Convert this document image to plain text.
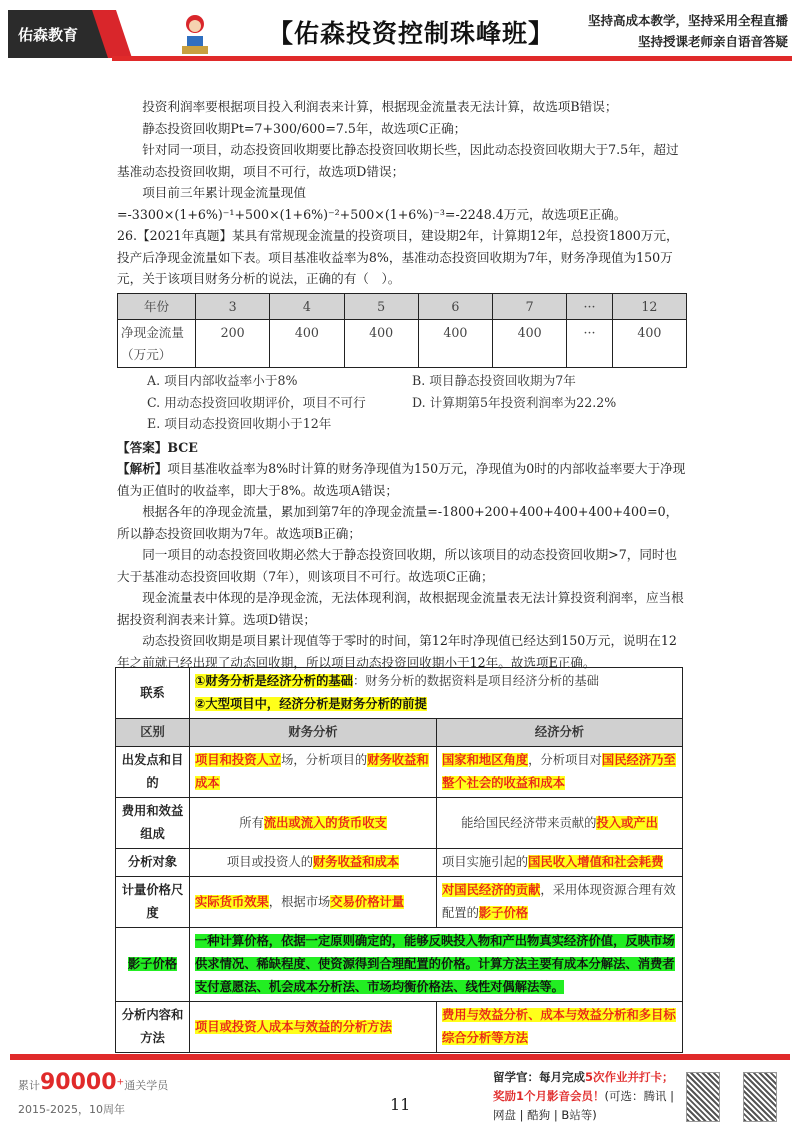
佑森教育	【佑森投资控制珠峰班】	坚持高成本教学，坚持采用全程直播
坚持授课老师亲自语音答疑

投资利润率要根据项目投入利润表来计算，根据现金流量表无法计算，故选项B错误；

静态投资回收期Pt=7+300/600=7.5年，故选项C正确；

针对同一项目，动态投资回收期要比静态投资回收期长些，因此动态投资回收期大于7.5年，超过基准动态投资回收期，项目不可行，故选项D错误；

项目前三年累计现金流量现值=-3300×(1+6%)⁻¹+500×(1+6%)⁻²+500×(1+6%)⁻³=-2248.4万元，故选项E正确。

26.【2021年真题】某具有常规现金流量的投资项目，建设期2年，计算期12年，总投资1800万元，投产后净现金流量如下表。项目基准收益率为8%，基准动态投资回收期为7年，财务净现值为150万元，关于该项目财务分析的说法，正确的有（　）。

年份	3	4	5	6	7	···	12
净现金流量（万元）	200	400	400	400	400	···	400
A. 项目内部收益率小于8%	B. 项目静态投资回收期为7年
C. 用动态投资回收期评价，项目不可行	D. 计算期第5年投资利润率为22.2%
E. 项目动态投资回收期小于12年

【答案】BCE

【解析】项目基准收益率为8%时计算的财务净现值为150万元，净现值为0时的内部收益率要大于净现值为正值时的收益率，即大于8%。故选项A错误；

根据各年的净现金流量，累加到第7年的净现金流量=-1800+200+400+400+400+400=0，所以静态投资回收期为7年。故选项B正确；

同一项目的动态投资回收期必然大于静态投资回收期，所以该项目的动态投资回收期>7，同时也大于基准动态投资回收期（7年），则该项目不可行。故选项C正确；

现金流量表中体现的是净现金流，无法体现利润，故根据现金流量表无法计算投资利润率，应当根据投资利润表来计算。选项D错误；

动态投资回收期是项目累计现值等于零时的时间，第12年时净现值已经达到150万元，说明在12年之前就已经出现了动态回收期，所以项目动态投资回收期小于12年。故选项E正确。

联系	①财务分析是经济分析的基础：财务分析的数据资料是项目经济分析的基础
②大型项目中，经济分析是财务分析的前提	
区别	财务分析	经济分析
出发点和目的	项目和投资人立场，分析项目的财务收益和成本	国家和地区角度，分析项目对国民经济乃至整个社会的收益和成本
费用和效益组成	所有流出或流入的货币收支	能给国民经济带来贡献的投入或产出
分析对象	项目或投资人的财务收益和成本	项目实施引起的国民收入增值和社会耗费
计量价格尺度	实际货币效果，根据市场交易价格计量	对国民经济的贡献，采用体现资源合理有效配置的影子价格
影子价格	一种计算价格，依据一定原则确定的，能够反映投入物和产出物真实经济价值，反映市场供求情况、稀缺程度、使资源得到合理配置的价格。计算方法主要有成本分解法、消费者支付意愿法、机会成本分析法、市场均衡价格法、线性对偶解法等。	
分析内容和方法	项目或投资人成本与效益的分析方法	费用与效益分析、成本与效益分析和多目标综合分析等方法
累计90000+通关学员
2015-2025，10周年	11
留学官：每月完成5次作业并打卡；
奖励1个月影音会员！(可选：腾讯 | 网盘 | 酷狗 | B站等)
